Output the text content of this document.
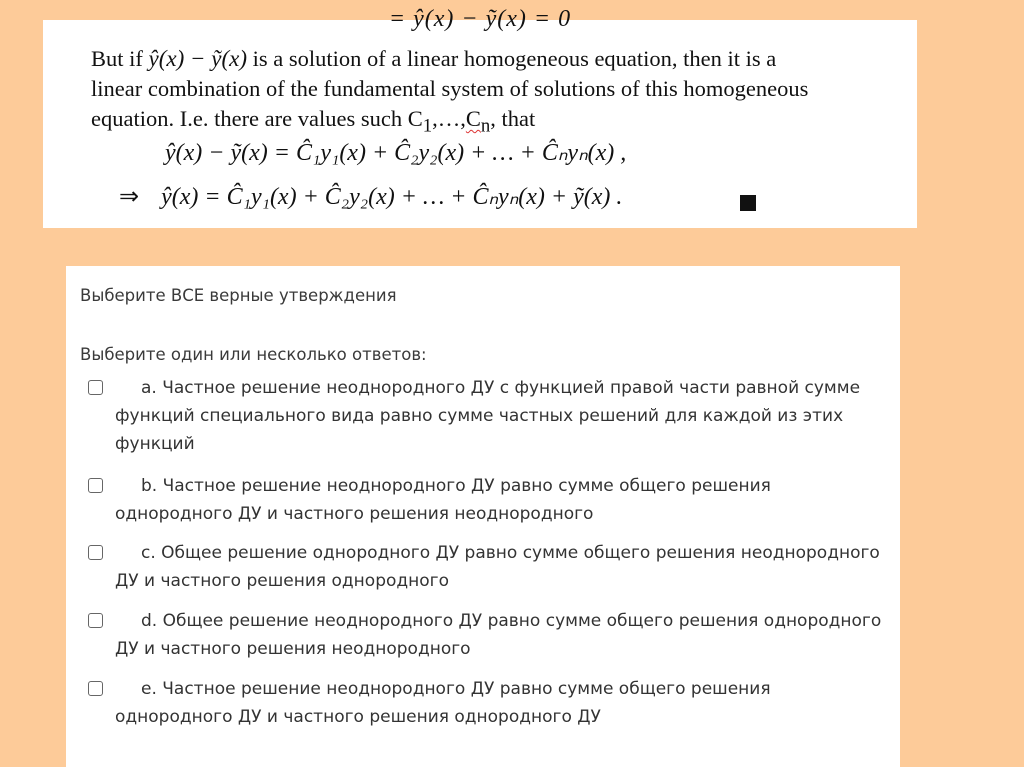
= ŷ(x) − ỹ(x) = 0
But if ŷ(x) − ỹ(x) is a solution of a linear homogeneous equation, then it is a
linear combination of the fundamental system of solutions of this homogeneous
equation. I.e. there are values such $C_1,\dots,C_n$, that
ŷ(x) − ỹ(x) = Ĉ₁y₁(x) + Ĉ₂y₂(x) + … + Ĉₙyₙ(x) ,
⇒ ŷ(x) = Ĉ₁y₁(x) + Ĉ₂y₂(x) + … + Ĉₙyₙ(x) + ỹ(x) .
Выберите ВСЕ верные утверждения
Выберите один или несколько ответов:
a. Частное решение неоднородного ДУ с функцией правой части равной сумме функций специального вида равно сумме частных решений для каждой из этих функций
b. Частное решение неоднородного ДУ равно сумме общего решения однородного ДУ и частного решения неоднородного
c. Общее решение однородного ДУ равно сумме общего решения неоднородного ДУ и частного решения однородного
d. Общее решение неоднородного ДУ равно сумме общего решения однородного ДУ и частного решения неоднородного
e. Частное решение неоднородного ДУ равно сумме общего решения однородного ДУ и частного решения однородного ДУ
